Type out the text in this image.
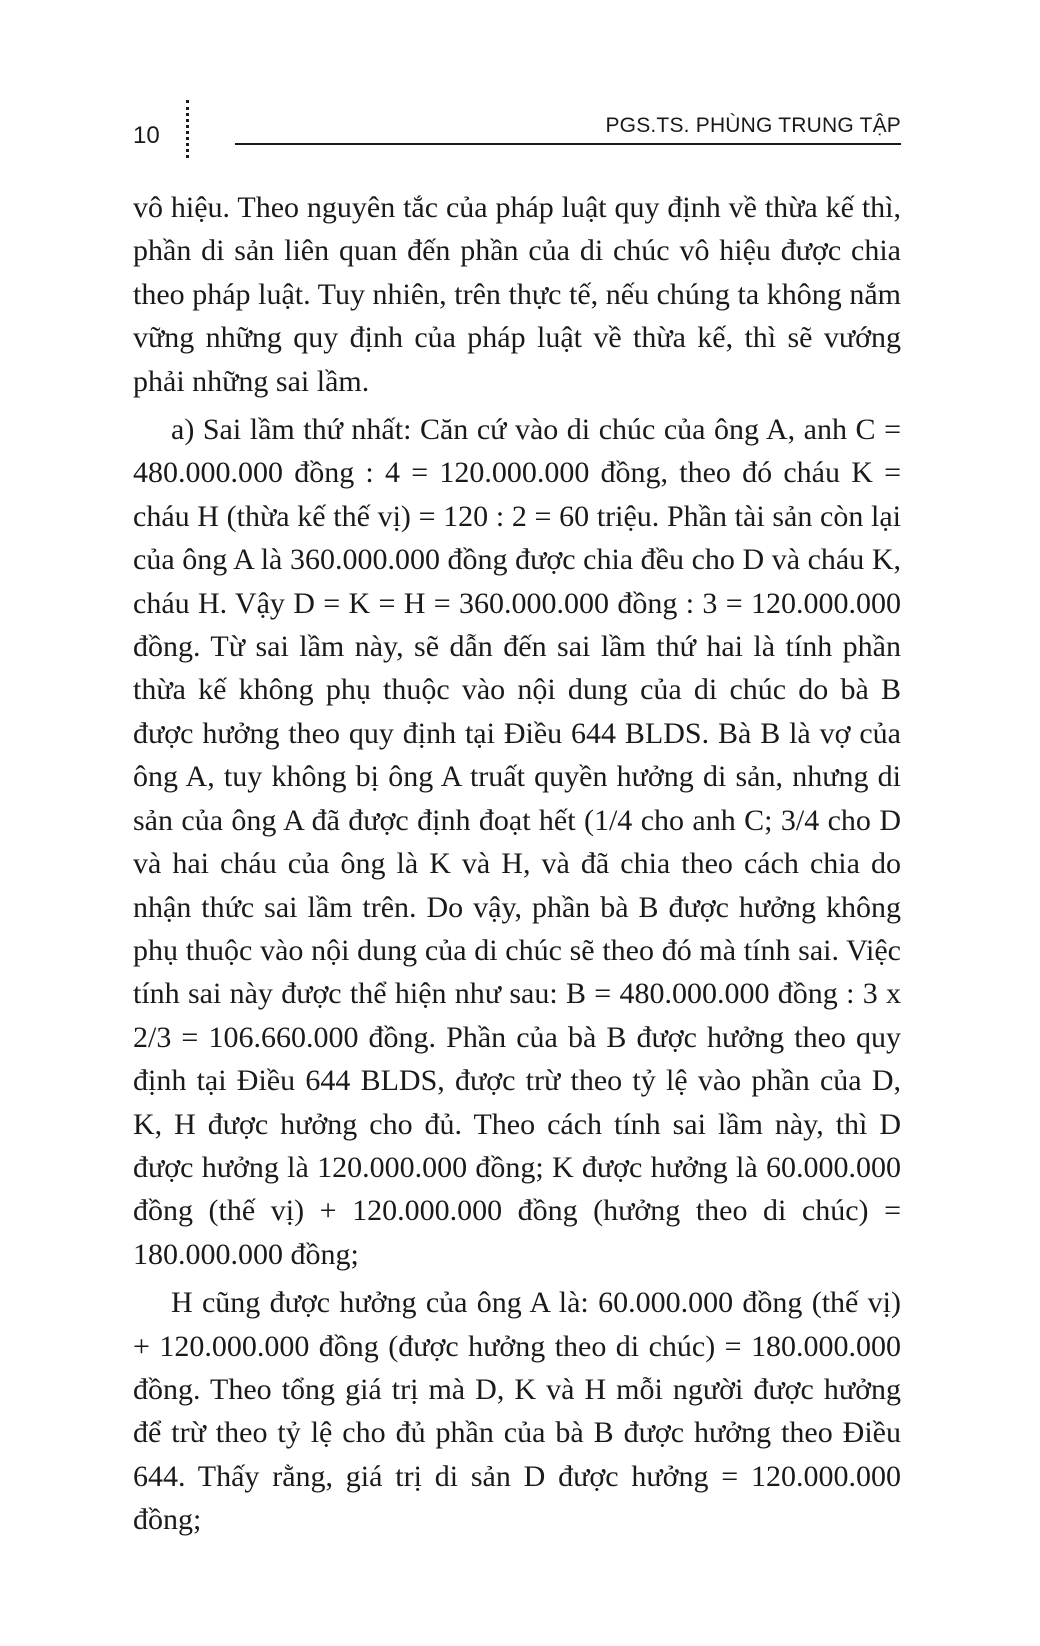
10	PGS.TS. PHÙNG TRUNG TẬP

vô hiệu. Theo nguyên tắc của pháp luật quy định về thừa kế thì, phần di sản liên quan đến phần của di chúc vô hiệu được chia theo pháp luật. Tuy nhiên, trên thực tế, nếu chúng ta không nắm vững những quy định của pháp luật về thừa kế, thì sẽ vướng phải những sai lầm.

a) Sai lầm thứ nhất: Căn cứ vào di chúc của ông A, anh C = 480.000.000 đồng : 4 = 120.000.000 đồng, theo đó cháu K = cháu H (thừa kế thế vị) = 120 : 2 = 60 triệu. Phần tài sản còn lại của ông A là 360.000.000 đồng được chia đều cho D và cháu K, cháu H. Vậy D = K = H = 360.000.000 đồng : 3 = 120.000.000 đồng. Từ sai lầm này, sẽ dẫn đến sai lầm thứ hai là tính phần thừa kế không phụ thuộc vào nội dung của di chúc do bà B được hưởng theo quy định tại Điều 644 BLDS. Bà B là vợ của ông A, tuy không bị ông A truất quyền hưởng di sản, nhưng di sản của ông A đã được định đoạt hết (1/4 cho anh C; 3/4 cho D và hai cháu của ông là K và H, và đã chia theo cách chia do nhận thức sai lầm trên. Do vậy, phần bà B được hưởng không phụ thuộc vào nội dung của di chúc sẽ theo đó mà tính sai. Việc tính sai này được thể hiện như sau: B = 480.000.000 đồng : 3 x 2/3 = 106.660.000 đồng. Phần của bà B được hưởng theo quy định tại Điều 644 BLDS, được trừ theo tỷ lệ vào phần của D, K, H được hưởng cho đủ. Theo cách tính sai lầm này, thì D được hưởng là 120.000.000 đồng; K được hưởng là 60.000.000 đồng (thế vị) + 120.000.000 đồng (hưởng theo di chúc) = 180.000.000 đồng;

H cũng được hưởng của ông A là: 60.000.000 đồng (thế vị) + 120.000.000 đồng (được hưởng theo di chúc) = 180.000.000 đồng. Theo tổng giá trị mà D, K và H mỗi người được hưởng để trừ theo tỷ lệ cho đủ phần của bà B được hưởng theo Điều 644. Thấy rằng, giá trị di sản D được hưởng = 120.000.000 đồng;
